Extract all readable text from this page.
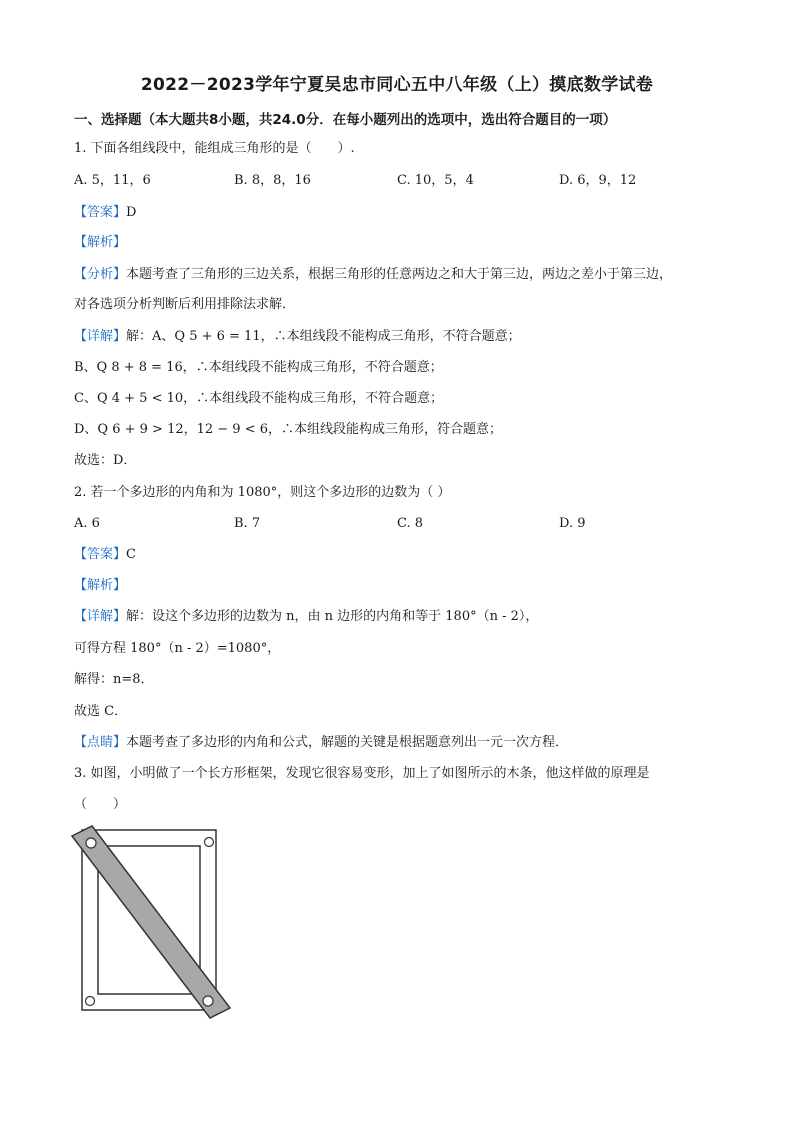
2022－2023学年宁夏吴忠市同心五中八年级（上）摸底数学试卷
一、选择题（本大题共8小题，共24.0分．在每小题列出的选项中，选出符合题目的一项）
1. 下面各组线段中，能组成三角形的是（　　）.
A. 5，11，6	B. 8，8，16	C. 10，5，4	D. 6，9，12
【答案】D
【解析】
【分析】本题考查了三角形的三边关系，根据三角形的任意两边之和大于第三边，两边之差小于第三边，
对各选项分析判断后利用排除法求解．
【详解】解：A、Q 5 + 6 = 11，∴本组线段不能构成三角形，不符合题意；
B、Q 8 + 8 = 16，∴本组线段不能构成三角形，不符合题意；
C、Q 4 + 5 < 10，∴本组线段不能构成三角形，不符合题意；
D、Q 6 + 9 > 12，12 − 9 < 6，∴本组线段能构成三角形，符合题意；
故选：D．
2. 若一个多边形的内角和为 1080°，则这个多边形的边数为（ ）
A. 6	B. 7	C. 8	D. 9
【答案】C
【解析】
【详解】解：设这个多边形的边数为 n，由 n 边形的内角和等于 180°（n - 2），
可得方程 180°（n - 2）=1080°，
解得：n=8．
故选 C．
【点睛】本题考查了多边形的内角和公式，解题的关键是根据题意列出一元一次方程．
3. 如图，小明做了一个长方形框架，发现它很容易变形，加上了如图所示的木条，他这样做的原理是
（　　）
